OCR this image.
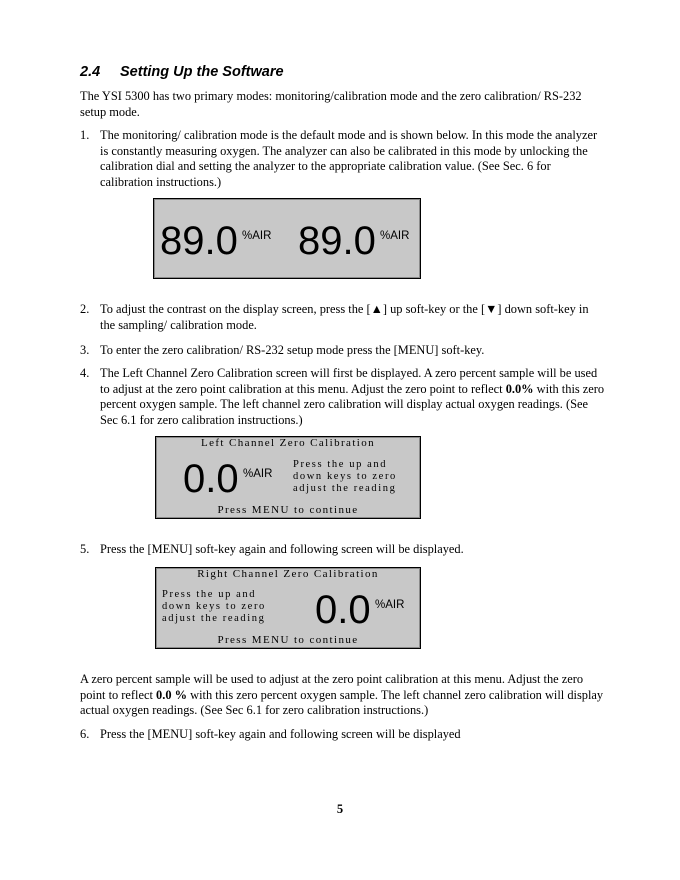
2.4 Setting Up the Software

The YSI 5300 has two primary modes: monitoring/calibration mode and the zero calibration/ RS-232 setup mode.

1. The monitoring/ calibration mode is the default mode and is shown below. In this mode the analyzer is constantly measuring oxygen. The analyzer can also be calibrated in this mode by unlocking the calibration dial and setting the analyzer to the appropriate calibration value. (See Sec. 6 for calibration instructions.)
89.0 %AIR 89.0 %AIR
2. To adjust the contrast on the display screen, press the [▲] up soft-key or the [▼] down soft-key in the sampling/ calibration mode.
3. To enter the zero calibration/ RS-232 setup mode press the [MENU] soft-key.
4. The Left Channel Zero Calibration screen will first be displayed. A zero percent sample will be used to adjust at the zero point calibration at this menu. Adjust the zero point to reflect 0.0% with this zero percent oxygen sample. The left channel zero calibration will display actual oxygen readings. (See Sec 6.1 for zero calibration instructions.)
Left Channel Zero Calibration
0.0 %AIR
Press the up and
down keys to zero
adjust the reading
Press MENU to continue
5. Press the [MENU] soft-key again and following screen will be displayed.
Right Channel Zero Calibration
Press the up and
down keys to zero
adjust the reading 0.0 %AIR
Press MENU to continue

A zero percent sample will be used to adjust at the zero point calibration at this menu. Adjust the zero point to reflect 0.0 % with this zero percent oxygen sample. The left channel zero calibration will display actual oxygen readings. (See Sec 6.1 for zero calibration instructions.)

6. Press the [MENU] soft-key again and following screen will be displayed
5
